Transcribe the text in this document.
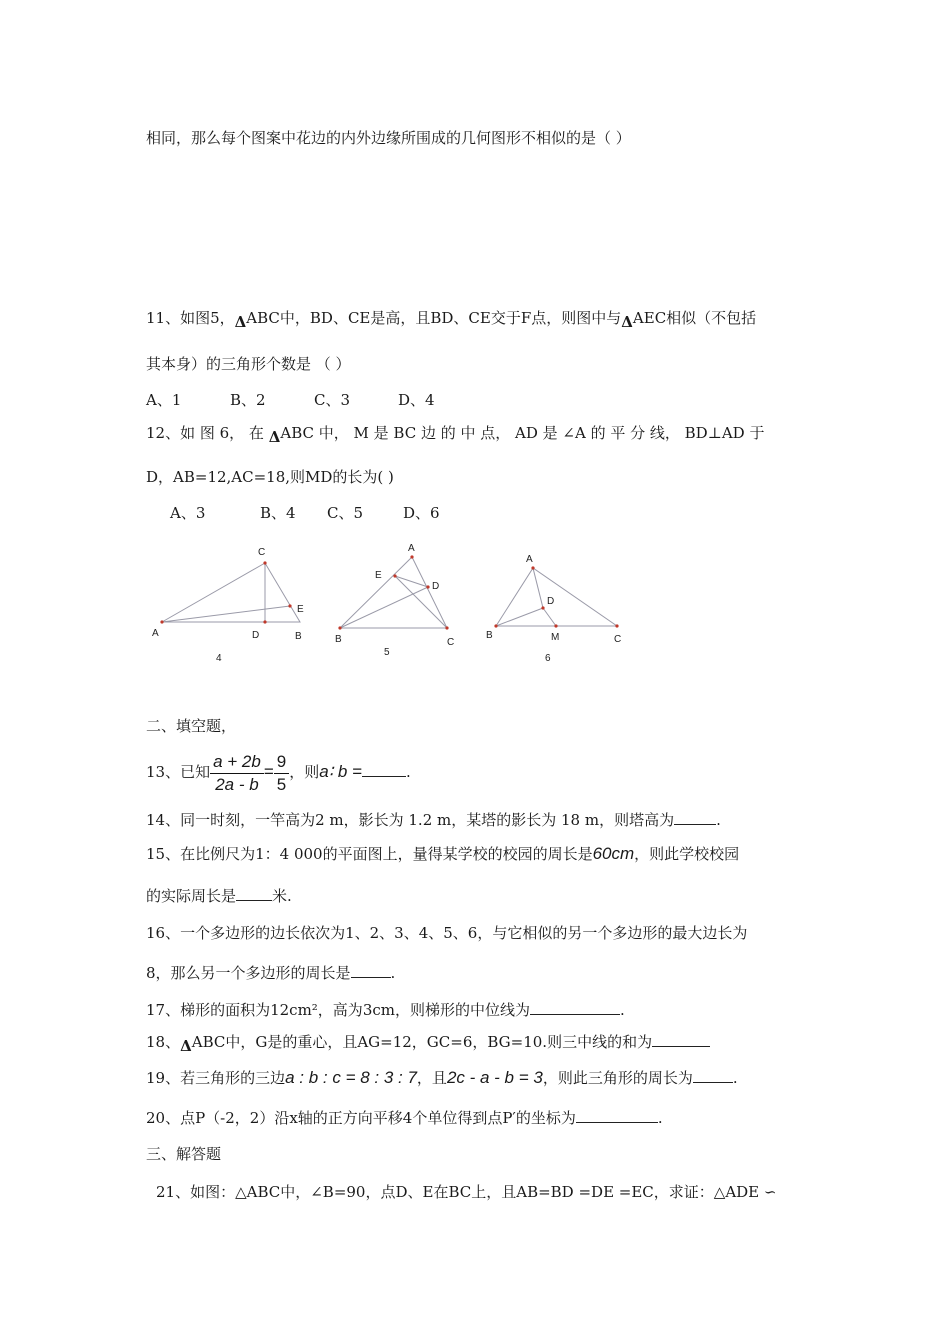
相同，那么每个图案中花边的内外边缘所围成的几何图形不相似的是（ ）
11、如图5，ΔABC中，BD、CE是高，且BD、CE交于F点，则图中与ΔAEC相似（不包括
其本身）的三角形个数是 （ ）
A、1	B、2	C、3	D、4
12、如 图 6， 在 ΔABC 中， M 是 BC 边 的 中 点， AD 是 ∠A 的 平 分 线， BD⊥AD 于
D，AB=12,AC=18,则MD的长为( )
A、3	B、4 C、5	D、6
A	B
C
D
E
4
A
B	C
D
E
5
A
B	C
D
M
6
二、填空题，
13、已知 $\frac{a + 2b}{2a - b} = \frac{9}{5}$ ，则a∶ b =	.
14、同一时刻，一竿高为2 m，影长为 1.2 m，某塔的影长为 18 m，则塔高为	.
15、在比例尺为1：4 000的平面图上，量得某学校的校园的周长是60cm，则此学校校园
的实际周长是 米.
16、一个多边形的边长依次为1、2、3、4、5、6，与它相似的另一个多边形的最大边长为
8，那么另一个多边形的周长是	.
17、梯形的面积为12cm²，高为3cm，则梯形的中位线为	.
18、ΔABC中，G是的重心，且AG=12，GC=6，BG=10.则三中线的和为
19、若三角形的三边a : b : c = 8 : 3 : 7，且2c - a - b = 3，则此三角形的周长为	.
20、点P（-2，2）沿x轴的正方向平移4个单位得到点P′的坐标为	.
三、解答题
21、如图：△ABC中，∠B=90，点D、E在BC上，且AB=BD =DE =EC，求证：△ADE ∽
